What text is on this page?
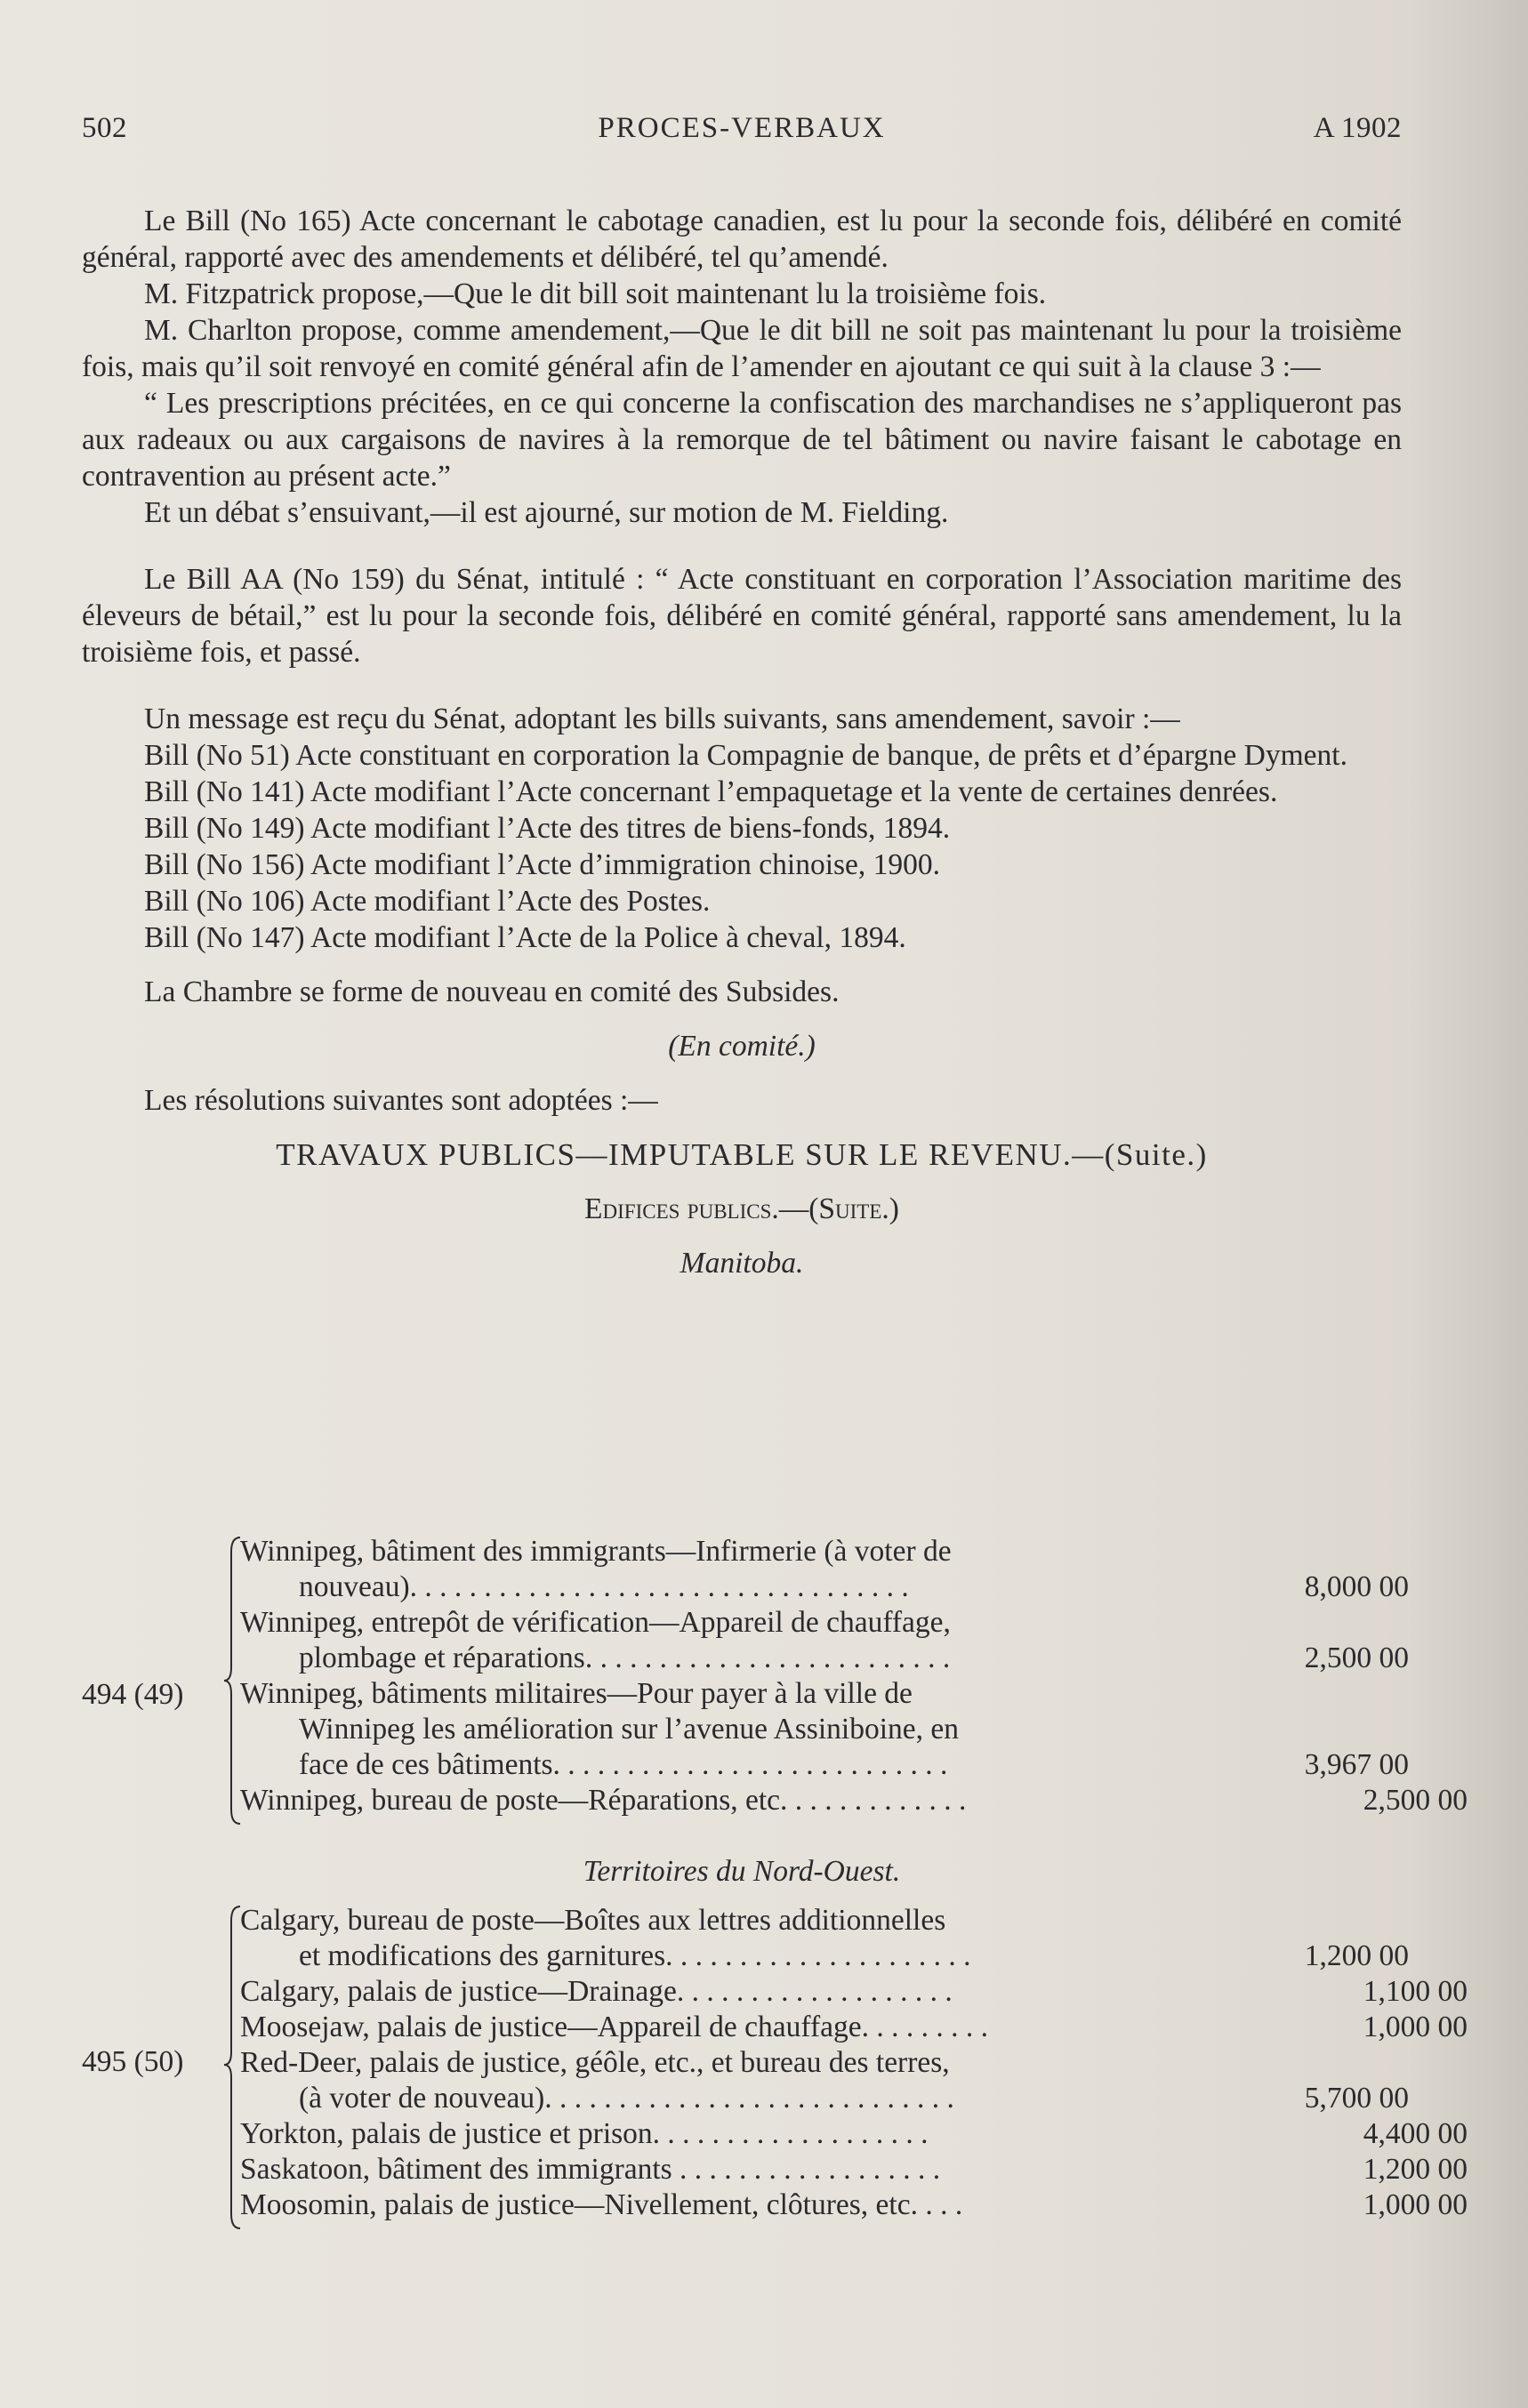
502	PROCES-VERBAUX	A 1902

Le Bill (No 165) Acte concernant le cabotage canadien, est lu pour la seconde fois, délibéré en comité général, rapporté avec des amendements et délibéré, tel qu’amendé.

M. Fitzpatrick propose,—Que le dit bill soit maintenant lu la troisième fois.

M. Charlton propose, comme amendement,—Que le dit bill ne soit pas maintenant lu pour la troisième fois, mais qu’il soit renvoyé en comité général afin de l’amender en ajoutant ce qui suit à la clause 3 :—

“ Les prescriptions précitées, en ce qui concerne la confiscation des marchandises ne s’appliqueront pas aux radeaux ou aux cargaisons de navires à la remorque de tel bâtiment ou navire faisant le cabotage en contravention au présent acte.”

Et un débat s’ensuivant,—il est ajourné, sur motion de M. Fielding.

Le Bill AA (No 159) du Sénat, intitulé : “ Acte constituant en corporation l’Association maritime des éleveurs de bétail,” est lu pour la seconde fois, délibéré en comité général, rapporté sans amendement, lu la troisième fois, et passé.

Un message est reçu du Sénat, adoptant les bills suivants, sans amendement, savoir :—

Bill (No 51) Acte constituant en corporation la Compagnie de banque, de prêts et d’épargne Dyment.

Bill (No 141) Acte modifiant l’Acte concernant l’empaquetage et la vente de certaines denrées.

Bill (No 149) Acte modifiant l’Acte des titres de biens-fonds, 1894.

Bill (No 156) Acte modifiant l’Acte d’immigration chinoise, 1900.

Bill (No 106) Acte modifiant l’Acte des Postes.

Bill (No 147) Acte modifiant l’Acte de la Police à cheval, 1894.

La Chambre se forme de nouveau en comité des Subsides.

(En comité.)

Les résolutions suivantes sont adoptées :—

TRAVAUX PUBLICS—IMPUTABLE SUR LE REVENU.—(Suite.)

Edifices publics.—(Suite.)

Manitoba.

494 (49)
Winnipeg, bâtiment des immigrants—Infirmerie (à voter de
nouveau). . . . . . . . . . . . . . . . . . . . . . . . . . . . . . . . . .	8,000 00
Winnipeg, entrepôt de vérification—Appareil de chauffage,
plombage et réparations. . . . . . . . . . . . . . . . . . . . . . . . .	2,500 00
Winnipeg, bâtiments militaires—Pour payer à la ville de
Winnipeg les amélioration sur l’avenue Assiniboine, en
face de ces bâtiments. . . . . . . . . . . . . . . . . . . . . . . . . . .	3,967 00
Winnipeg, bureau de poste—Réparations, etc. . . . . . . . . . . . .	2,500 00
Territoires du Nord-Ouest.
495 (50)
Calgary, bureau de poste—Boîtes aux lettres additionnelles
et modifications des garnitures. . . . . . . . . . . . . . . . . . . . .	1,200 00
Calgary, palais de justice—Drainage. . . . . . . . . . . . . . . . . . .	1,100 00
Moosejaw, palais de justice—Appareil de chauffage. . . . . . . . .	1,000 00
Red-Deer, palais de justice, géôle, etc., et bureau des terres,
(à voter de nouveau). . . . . . . . . . . . . . . . . . . . . . . . . . . .	5,700 00
Yorkton, palais de justice et prison. . . . . . . . . . . . . . . . . . .	4,400 00
Saskatoon, bâtiment des immigrants . . . . . . . . . . . . . . . . . .	1,200 00
Moosomin, palais de justice—Nivellement, clôtures, etc. . . .	1,000 00
